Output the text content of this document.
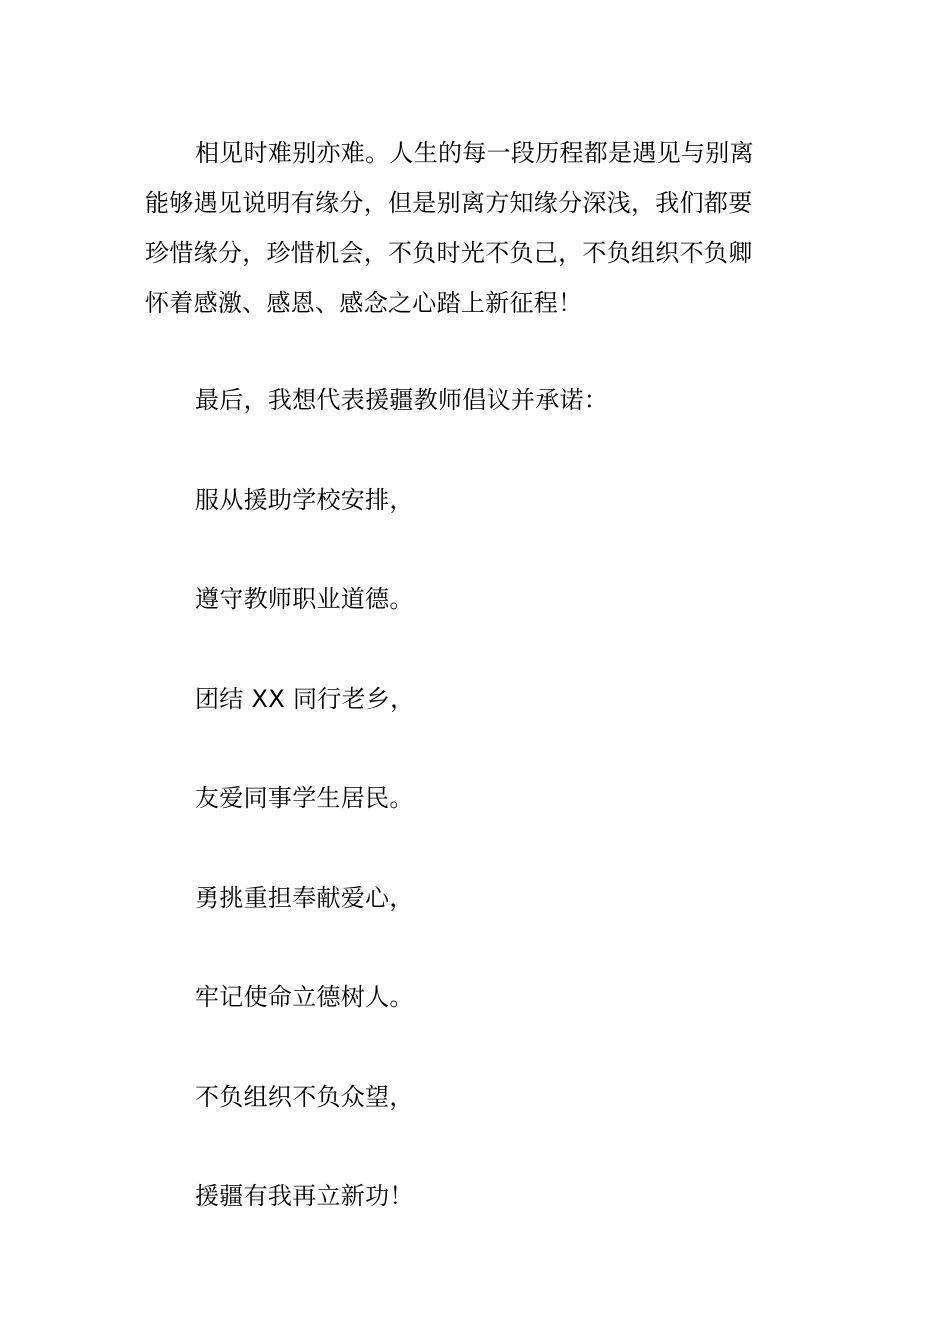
相见时难别亦难。人生的每一段历程都是遇见与别离
能够遇见说明有缘分，但是别离方知缘分深浅，我们都要
珍惜缘分，珍惜机会，不负时光不负己，不负组织不负卿
怀着感激、感恩、感念之心踏上新征程！
最后，我想代表援疆教师倡议并承诺：
服从援助学校安排，
遵守教师职业道德。
团结 XX 同行老乡，
友爱同事学生居民。
勇挑重担奉献爱心，
牢记使命立德树人。
不负组织不负众望，
援疆有我再立新功！
